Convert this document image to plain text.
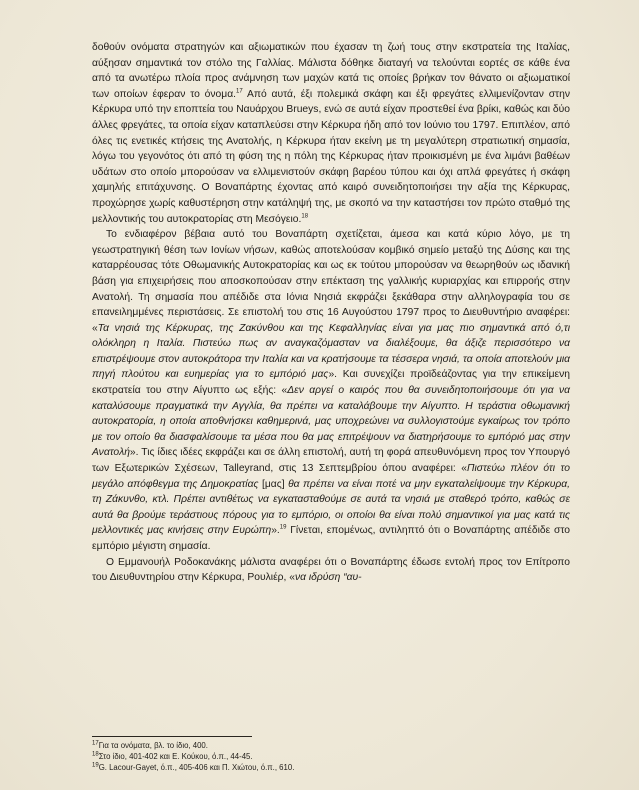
δοθούν ονόματα στρατηγών και αξιωματικών που έχασαν τη ζωή τους στην εκστρατεία της Ιταλίας, αύξησαν σημαντικά τον στόλο της Γαλλίας. Μάλιστα δόθηκε διαταγή να τελούνται εορτές σε κάθε ένα από τα ανωτέρω πλοία προς ανάμνηση των μαχών κατά τις οποίες βρήκαν τον θάνατο οι αξιωματικοί των οποίων έφεραν το όνομα.$^{17}$ Από αυτά, έξι πολεμικά σκάφη και έξι φρεγάτες ελλιμενίζονταν στην Κέρκυρα υπό την εποπτεία του Ναυάρχου Brueys, ενώ σε αυτά είχαν προστεθεί ένα βρίκι, καθώς και δύο άλλες φρεγάτες, τα οποία είχαν καταπλεύσει στην Κέρκυρα ήδη από τον Ιούνιο του 1797. Επιπλέον, από όλες τις ενετικές κτήσεις της Ανατολής, η Κέρκυρα ήταν εκείνη με τη μεγαλύτερη στρατιωτική σημασία, λόγω του γεγονότος ότι από τη φύση της η πόλη της Κέρκυρας ήταν προικισμένη με ένα λιμάνι βαθέων υδάτων στο οποίο μπορούσαν να ελλιμενιστούν σκάφη βαρέου τύπου και όχι απλά φρεγάτες ή σκάφη χαμηλής επιτάχυνσης. Ο Βοναπάρτης έχοντας από καιρό συνειδητοποιήσει την αξία της Κέρκυρας, προχώρησε χωρίς καθυστέρηση στην κατάληψή της, με σκοπό να την καταστήσει τον πρώτο σταθμό της μελλοντικής του αυτοκρατορίας στη Μεσόγειο.$^{18}$

Το ενδιαφέρον βέβαια αυτό του Βοναπάρτη σχετίζεται, άμεσα και κατά κύριο λόγο, με τη γεωστρατηγική θέση των Ιονίων νήσων, καθώς αποτελούσαν κομβικό σημείο μεταξύ της Δύσης και της καταρρέουσας τότε Οθωμανικής Αυτοκρατορίας και ως εκ τούτου μπορούσαν να θεωρηθούν ως ιδανική βάση για επιχειρήσεις που αποσκοπούσαν στην επέκταση της γαλλικής κυριαρχίας και επιρροής στην Ανατολή. Τη σημασία που απέδιδε στα Ιόνια Νησιά εκφράζει ξεκάθαρα στην αλληλογραφία του σε επανειλημμένες περιστάσεις. Σε επιστολή του στις 16 Αυγούστου 1797 προς το Διευθυντήριο αναφέρει: «Τα νησιά της Κέρκυρας, της Ζακύνθου και της Κεφαλληνίας είναι για μας πιο σημαντικά από ό,τι ολόκληρη η Ιταλία. Πιστεύω πως αν αναγκαζόμασταν να διαλέξουμε, θα άξιζε περισσότερο να επιστρέψουμε στον αυτοκράτορα την Ιταλία και να κρατήσουμε τα τέσσερα νησιά, τα οποία αποτελούν μια πηγή πλούτου και ευημερίας για το εμπόριό μας». Και συνεχίζει προϊδεάζοντας για την επικείμενη εκστρατεία του στην Αίγυπτο ως εξής: «Δεν αργεί ο καιρός που θα συνειδητοποιήσουμε ότι για να καταλύσουμε πραγματικά την Αγγλία, θα πρέπει να καταλάβουμε την Αίγυπτο. Η τεράστια οθωμανική αυτοκρατορία, η οποία αποθνήσκει καθημερινά, μας υποχρεώνει να συλλογιστούμε εγκαίρως τον τρόπο με τον οποίο θα διασφαλίσουμε τα μέσα που θα μας επιτρέψουν να διατηρήσουμε το εμπόριό μας στην Ανατολή». Τις ίδιες ιδέες εκφράζει και σε άλλη επιστολή, αυτή τη φορά απευθυνόμενη προς τον Υπουργό των Εξωτερικών Σχέσεων, Talleyrand, στις 13 Σεπτεμβρίου όπου αναφέρει: «Πιστεύω πλέον ότι το μεγάλο απόφθεγμα της Δημοκρατίας [μας] θα πρέπει να είναι ποτέ να μην εγκαταλείψουμε την Κέρκυρα, τη Ζάκυνθο, κτλ. Πρέπει αντιθέτως να εγκατασταθούμε σε αυτά τα νησιά με σταθερό τρόπο, καθώς σε αυτά θα βρούμε τεράστιους πόρους για το εμπόριο, οι οποίοι θα είναι πολύ σημαντικοί για μας κατά τις μελλοντικές μας κινήσεις στην Ευρώπη».$^{19}$ Γίνεται, επομένως, αντιληπτό ότι ο Βοναπάρτης απέδιδε στο εμπόριο μέγιστη σημασία.

Ο Εμμανουήλ Ροδοκανάκης μάλιστα αναφέρει ότι ο Βοναπάρτης έδωσε εντολή προς τον Επίτροπο του Διευθυντηρίου στην Κέρκυρα, Ρουλιέρ, «να ιδρύση “αυ-

$^{17}$Για τα ονόματα, βλ. το ίδιο, 400.

$^{18}$Στο ίδιο, 401-402 και Ε. Κούκου, ό.π., 44-45.

$^{19}$G. Lacour-Gayet, ό.π., 405-406 και Π. Χιώτου, ό.π., 610.
